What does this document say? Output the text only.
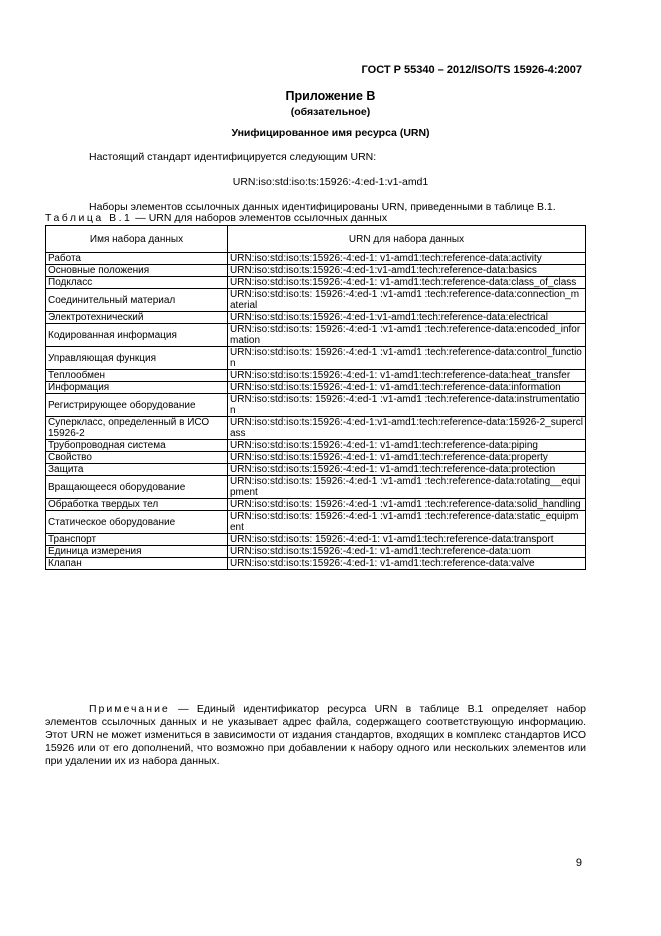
ГОСТ Р 55340 – 2012/ISO/TS 15926-4:2007
Приложение В
(обязательное)
Унифицированное имя ресурса (URN)
Настоящий стандарт идентифицируется следующим URN:
URN:iso:std:iso:ts:15926:-4:ed-1:v1-amd1
Наборы элементов ссылочных данных идентифицированы URN, приведенными в таблице В.1.
Таблица В.1 — URN для наборов элементов ссылочных данных
Имя набора данных	URN для набора данных
Работа	URN:iso:std:iso:ts:15926:-4:ed-1: v1-amd1:tech:reference-data:activity
Основные положения	URN:iso:std:iso:ts:15926:-4:ed-1:v1-amd1:tech:reference-data:basics
Подкласс	URN:iso:std:iso:ts:15926:-4:ed-1: v1-amd1:tech:reference-data:class_of_class
Соединительный материал	URN:iso:std:iso:ts: 15926:-4:ed-1 :v1-amd1 :tech:reference-data:connection_material
Электротехнический	URN:iso:std:iso:ts:15926:-4:ed-1:v1-amd1:tech:reference-data:electrical
Кодированная информация	URN:iso:std:iso:ts: 15926:-4:ed-1 :v1-amd1 :tech:reference-data:encoded_information
Управляющая функция	URN:iso:std:iso:ts: 15926:-4:ed-1 :v1-amd1 :tech:reference-data:control_function
Теплообмен	URN:iso:std:iso:ts:15926:-4:ed-1: v1-amd1:tech:reference-data:heat_transfer
Информация	URN:iso:std:iso:ts:15926:-4:ed-1: v1-amd1:tech:reference-data:information
Регистрирующее оборудование	URN:iso:std:iso:ts: 15926:-4:ed-1 :v1-amd1 :tech:reference-data:instrumentation
Суперкласс, определенный в ИСО 15926-2	URN:iso:std:iso:ts:15926:-4:ed-1:v1-amd1:tech:reference-data:15926-2_superclass
Трубопроводная система	URN:iso:std:iso:ts:15926:-4:ed-1: v1-amd1:tech:reference-data:piping
Свойство	URN:iso:std:iso:ts:15926:-4:ed-1: v1-amd1:tech:reference-data:property
Защита	URN:iso:std:iso:ts:15926:-4:ed-1: v1-amd1:tech:reference-data:protection
Вращающееся оборудование	URN:iso:std:iso:ts: 15926:-4:ed-1 :v1-amd1 :tech:reference-data:rotating__equipment
Обработка твердых тел	URN:iso:std:iso:ts: 15926:-4:ed-1 :v1-amd1 :tech:reference-data:solid_handling
Статическое оборудование	URN:iso:std:iso:ts: 15926:-4:ed-1 :v1-amd1 :tech:reference-data:static_equipment
Транспорт	URN:iso:std:iso:ts: 15926:-4:ed-1: v1-amd1:tech:reference-data:transport
Единица измерения	URN:iso:std:iso:ts:15926:-4:ed-1: v1-amd1:tech:reference-data:uom
Клапан	URN:iso:std:iso:ts:15926:-4:ed-1: v1-amd1:tech:reference-data:valve
Примечание — Единый идентификатор ресурса URN в таблице В.1 определяет набор элементов ссылочных данных и не указывает адрес файла, содержащего соответствующую информацию. Этот URN не может измениться в зависимости от издания стандартов, входящих в комплекс стандартов ИСО 15926 или от его дополнений, что возможно при добавлении к набору одного или нескольких элементов или при удалении их из набора данных.
9
